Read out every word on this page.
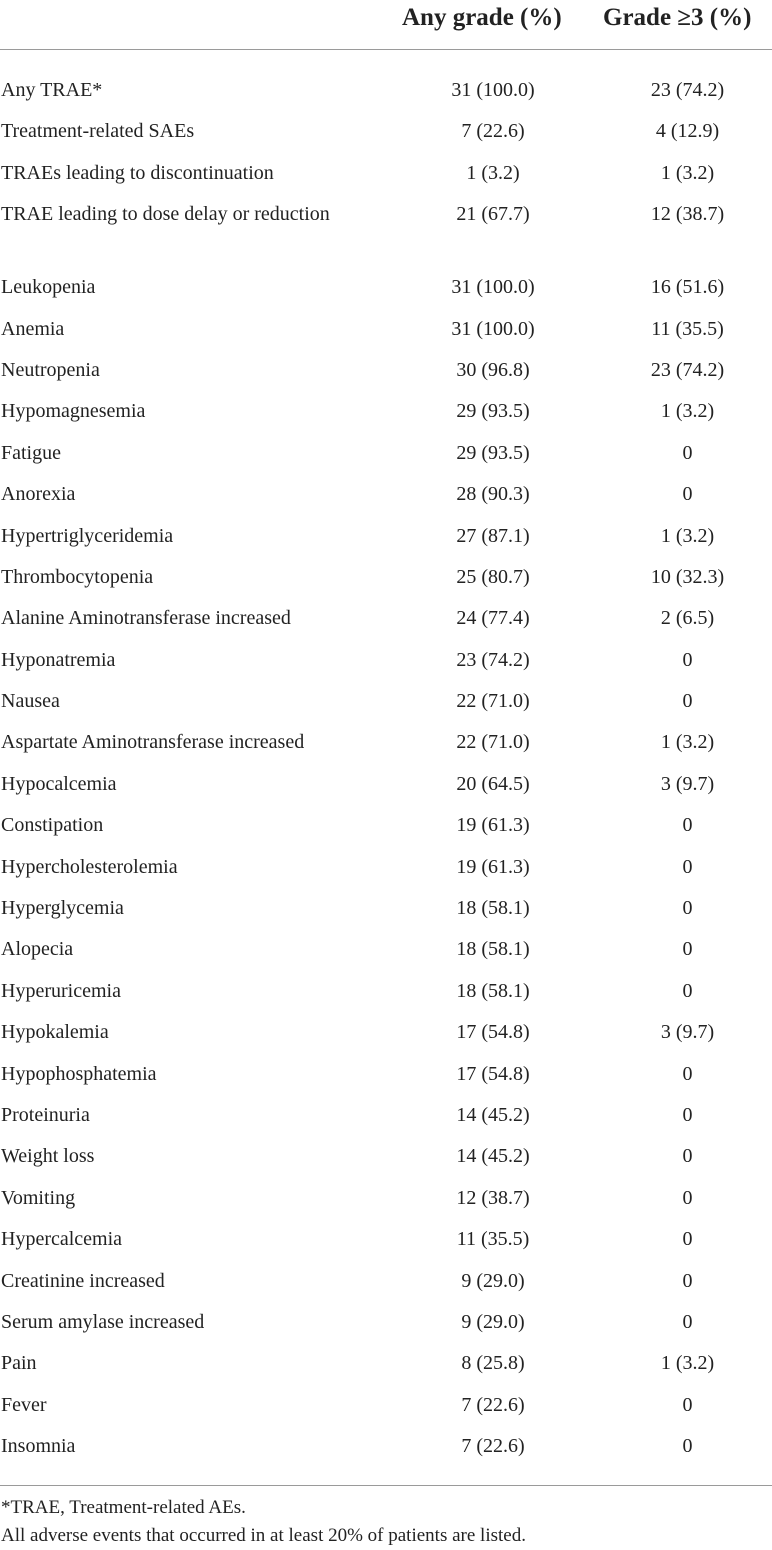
Any grade (%)	Grade ≥3 (%)
Any TRAE*	31 (100.0)	23 (74.2)
Treatment-related SAEs	7 (22.6)	4 (12.9)
TRAEs leading to discontinuation	1 (3.2)	1 (3.2)
TRAE leading to dose delay or reduction	21 (67.7)	12 (38.7)
Leukopenia	31 (100.0)	16 (51.6)
Anemia	31 (100.0)	11 (35.5)
Neutropenia	30 (96.8)	23 (74.2)
Hypomagnesemia	29 (93.5)	1 (3.2)
Fatigue	29 (93.5)	0
Anorexia	28 (90.3)	0
Hypertriglyceridemia	27 (87.1)	1 (3.2)
Thrombocytopenia	25 (80.7)	10 (32.3)
Alanine Aminotransferase increased	24 (77.4)	2 (6.5)
Hyponatremia	23 (74.2)	0
Nausea	22 (71.0)	0
Aspartate Aminotransferase increased	22 (71.0)	1 (3.2)
Hypocalcemia	20 (64.5)	3 (9.7)
Constipation	19 (61.3)	0
Hypercholesterolemia	19 (61.3)	0
Hyperglycemia	18 (58.1)	0
Alopecia	18 (58.1)	0
Hyperuricemia	18 (58.1)	0
Hypokalemia	17 (54.8)	3 (9.7)
Hypophosphatemia	17 (54.8)	0
Proteinuria	14 (45.2)	0
Weight loss	14 (45.2)	0
Vomiting	12 (38.7)	0
Hypercalcemia	11 (35.5)	0
Creatinine increased	9 (29.0)	0
Serum amylase increased	9 (29.0)	0
Pain	8 (25.8)	1 (3.2)
Fever	7 (22.6)	0
Insomnia	7 (22.6)	0
*TRAE, Treatment-related AEs.
All adverse events that occurred in at least 20% of patients are listed.
